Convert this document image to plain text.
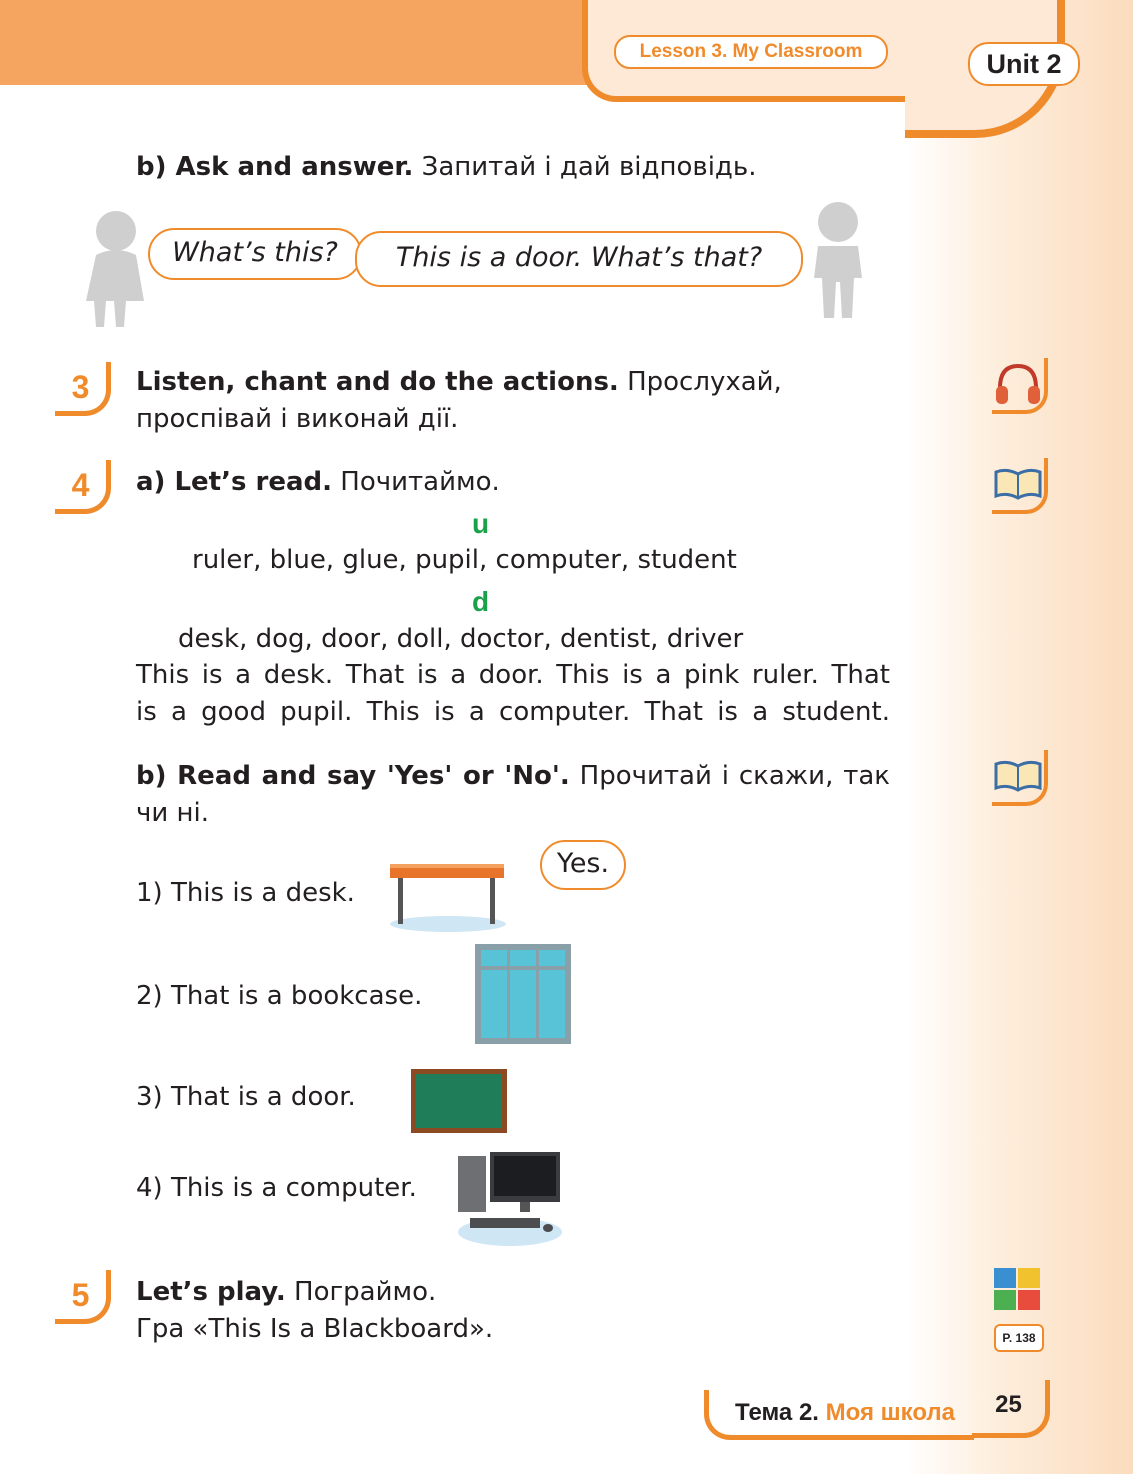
Lesson 3. My Classroom	Unit 2
b) Ask and answer. Запитай і дай відповідь.
What’s this?	This is a door. What’s that?
3	Listen, chant and do the actions. Прослухай,
проспівай і виконай дії.
4	a) Let’s read. Почитаймо.
u
ruler, blue, glue, pupil, computer, student
d
desk, dog, door, doll, doctor, dentist, driver
This is a desk. That is a door. This is a pink ruler. That
is a good pupil. This is a computer. That is a student.
b) Read and say 'Yes' or 'No'. Прочитай і скажи, так
чи ні.
1) This is a desk.
Yes.
2) That is a bookcase.
3) That is a door.
4) This is a computer.
5	Let’s play. Пограймо.
Гра «This Is a Blackboard».	P. 138
Тема 2. Моя школа	25
